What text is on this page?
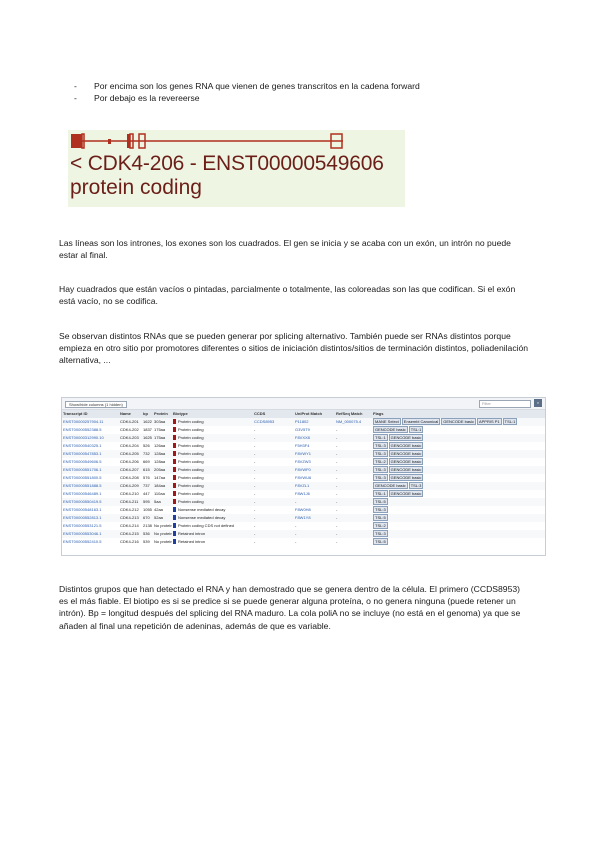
-	Por encima son los genes RNA que vienen de genes transcritos en la cadena forward
-	Por debajo es la revereerse
< CDK4-206 - ENST00000549606
protein coding
Las líneas son los intrones, los exones son los cuadrados. El gen se inicia y se acaba con un exón, un intrón no puede estar al final.
Hay cuadrados que están vacíos o pintadas, parcialmente o totalmente, las coloreadas son las que codifican. Si el exón está vacío, no se codifica.
Se observan distintos RNAs que se pueden generar por splicing alternativo. También puede ser RNAs distintos porque empieza en otro sitio por promotores diferentes o sitios de iniciación distintos/sitios de terminación distintos, poliadenilación alternativa, ...
Show/hide columns (1 hidden)	Filter	×
Transcript ID	Name	bp	Protein	Biotype	CCDS	UniProt Match	RefSeq Match	Flags
ENST00000257904.11	CDK4-201	1622 303aa	Protein coding	CCDS8953	P11802	NM_000075.4	MANE Select Ensembl Canonical GENCODE basic APPRIS P1 TSL:1
ENST00000552388.5	CDK4-202	1837 175aa	Protein coding	-	G3V5T9	-	GENCODE basic TSL:1
ENST00000312990.10	CDK4-203	1625 175aa	Protein coding	-	F8VXX8	-	TSL:1 GENCODE basic
ENST00000540325.1	CDK4-204	526	126aa	Protein coding	-	F5H3F4	-	TSL:3 GENCODE basic
ENST00000547853.1	CDK4-205	732	128aa	Protein coding	-	F8VWY1	-	TSL:3 GENCODE basic
ENST00000549606.5	CDK4-206	669	128aa	Protein coding	-	F8VZW3	-	TSL:2 GENCODE basic
ENST00000551706.1	CDK4-207	615	205aa	Protein coding	-	F8VWF0	-	TSL:3 GENCODE basic
ENST00000551800.5	CDK4-208	576	147aa	Protein coding	-	F8VWU6	-	TSL:3 GENCODE basic
ENST00000551888.5	CDK4-209	737	184aa	Protein coding	-	F8VZL1	-	GENCODE basic TSL:3
ENST00000546489.1	CDK4-210	447	110aa	Protein coding	-	F8W1J6	-	TSL:1 GENCODE basic
ENST00000550419.5	CDK4-211	595	5aa	Protein coding	-	-	-	TSL:5
ENST00000548163.1	CDK4-212	1055 42aa	Nonsense mediated decay	-	F8W0H8	-	TSL:3
ENST00000552813.1	CDK4-213	670	52aa	Nonsense mediated decay	-	F8W1Y8	-	TSL:5
ENST00000553121.5	CDK4-214	2138 No protein	Protein coding CDS not defined	-	-	-	TSL:2
ENST00000553046.1	CDK4-215	536	No protein	Retained intron	-	-	-	TSL:3
ENST00000552410.5	CDK4-216	539	No protein	Retained intron	-	-	-	TSL:5
Distintos grupos que han detectado el RNA y han demostrado que se genera dentro de la célula. El primero (CCDS8953) es el más fiable. El biotipo es si se predice si se puede generar alguna proteína, o no genera ninguna (puede retener un intrón). Bp = longitud después del splicing del RNA maduro. La cola poliA no se incluye (no está en el genoma) ya que se añaden al final una repetición de adeninas, además de que es variable.
